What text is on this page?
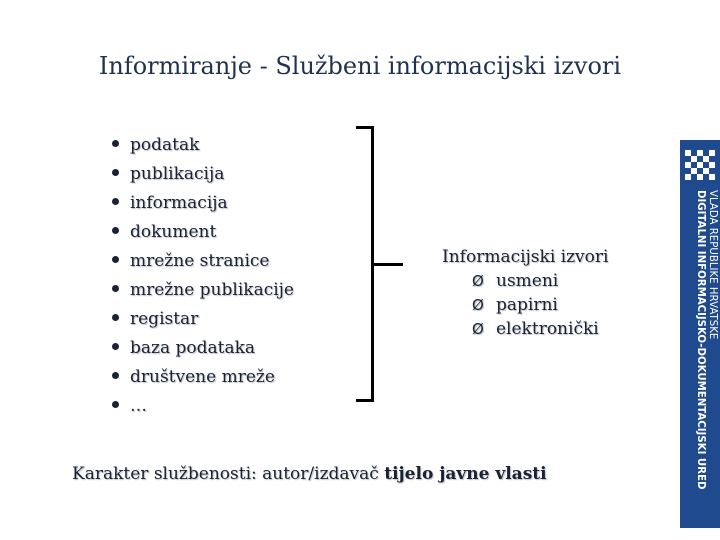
Informiranje - Službeni informacijski izvori
podatak
publikacija
informacija
dokument
mrežne stranice
mrežne publikacije
registar
baza podataka
društvene mreže
…
Informacijski izvori
Ø usmeni
Ø papirni
Ø elektronički
Karakter službenosti: autor/izdavač tijelo javne vlasti
VLADA REPUBLIKE HRVATSKE
DIGITALNI INFORMACIJSKO-DOKUMENTACIJSKI URED
